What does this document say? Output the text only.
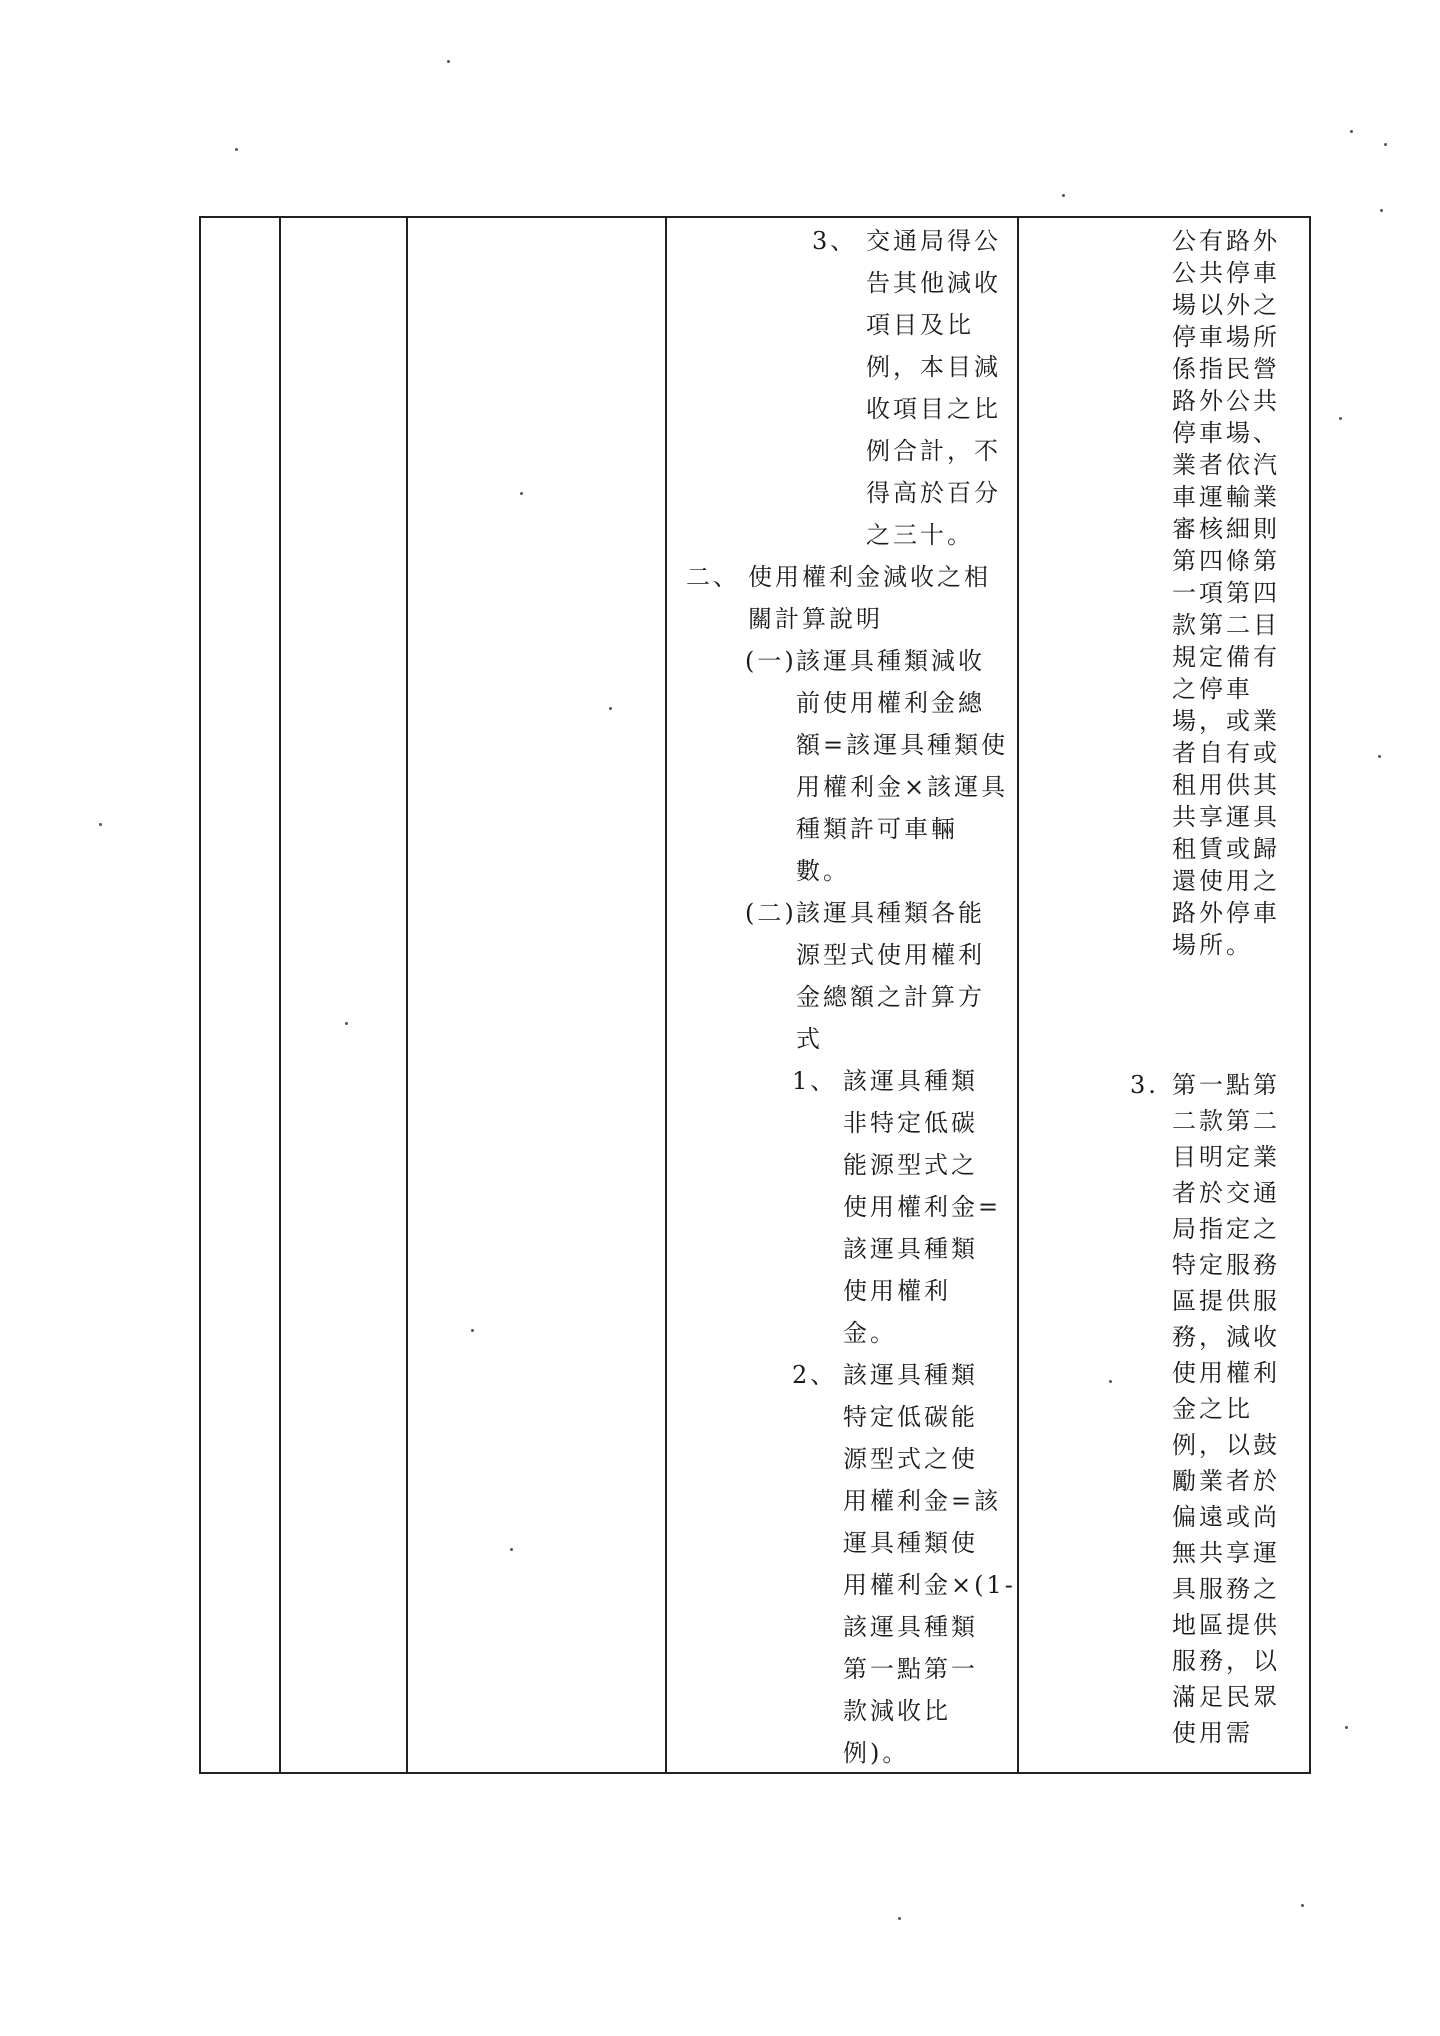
3、 交通局得公
告其他減收
項目及比
例，本目減
收項目之比
例合計，不
得高於百分
之三十。
二、 使用權利金減收之相
關計算說明
(一) 該運具種類減收
前使用權利金總
額=該運具種類使
用權利金×該運具
種類許可車輛
數。
(二) 該運具種類各能
源型式使用權利
金總額之計算方
式
1、 該運具種類
非特定低碳
能源型式之
使用權利金=
該運具種類
使用權利
金。
2、 該運具種類
特定低碳能
源型式之使
用權利金=該
運具種類使
用權利金×(1-
該運具種類
第一點第一
款減收比
例)。
公有路外
公共停車
場以外之
停車場所
係指民營
路外公共
停車場、
業者依汽
車運輸業
審核細則
第四條第
一項第四
款第二目
規定備有
之停車
場，或業
者自有或
租用供其
共享運具
租賃或歸
還使用之
路外停車
場所。
3. 第一點第
二款第二
目明定業
者於交通
局指定之
特定服務
區提供服
務，減收
使用權利
金之比
例，以鼓
勵業者於
偏遠或尚
無共享運
具服務之
地區提供
服務，以
滿足民眾
使用需
